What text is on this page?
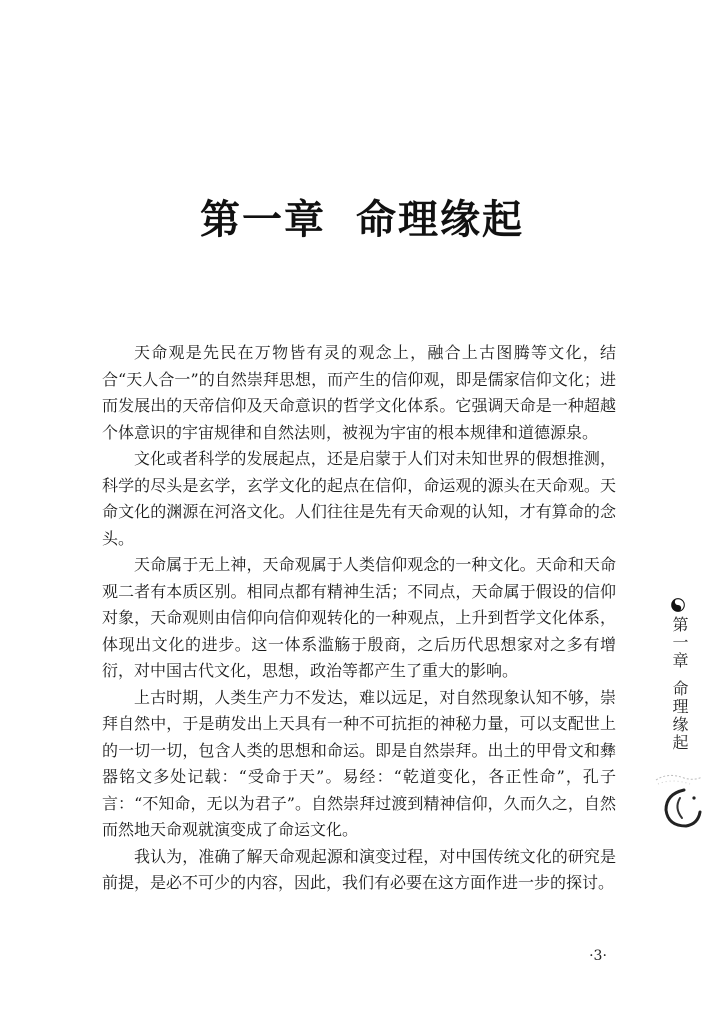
第一章 命理缘起

天命观是先民在万物皆有灵的观念上，融合上古图腾等文化，结合“天人合一”的自然崇拜思想，而产生的信仰观，即是儒家信仰文化；进而发展出的天帝信仰及天命意识的哲学文化体系。它强调天命是一种超越个体意识的宇宙规律和自然法则，被视为宇宙的根本规律和道德源泉。

文化或者科学的发展起点，还是启蒙于人们对未知世界的假想推测，科学的尽头是玄学，玄学文化的起点在信仰，命运观的源头在天命观。天命文化的渊源在河洛文化。人们往往是先有天命观的认知，才有算命的念头。

天命属于无上神，天命观属于人类信仰观念的一种文化。天命和天命观二者有本质区别。相同点都有精神生活；不同点，天命属于假设的信仰对象，天命观则由信仰向信仰观转化的一种观点，上升到哲学文化体系，体现出文化的进步。这一体系滥觞于殷商，之后历代思想家对之多有增衍，对中国古代文化，思想，政治等都产生了重大的影响。

上古时期，人类生产力不发达，难以远足，对自然现象认知不够，崇拜自然中，于是萌发出上天具有一种不可抗拒的神秘力量，可以支配世上的一切一切，包含人类的思想和命运。即是自然崇拜。出土的甲骨文和彝器铭文多处记载：“受命于天”。易经：“乾道变化，各正性命”，孔子言：“不知命，无以为君子”。自然崇拜过渡到精神信仰，久而久之，自然而然地天命观就演变成了命运文化。

我认为，准确了解天命观起源和演变过程，对中国传统文化的研究是前提，是必不可少的内容，因此，我们有必要在这方面作进一步的探讨。

第一章命理缘起
·3·
